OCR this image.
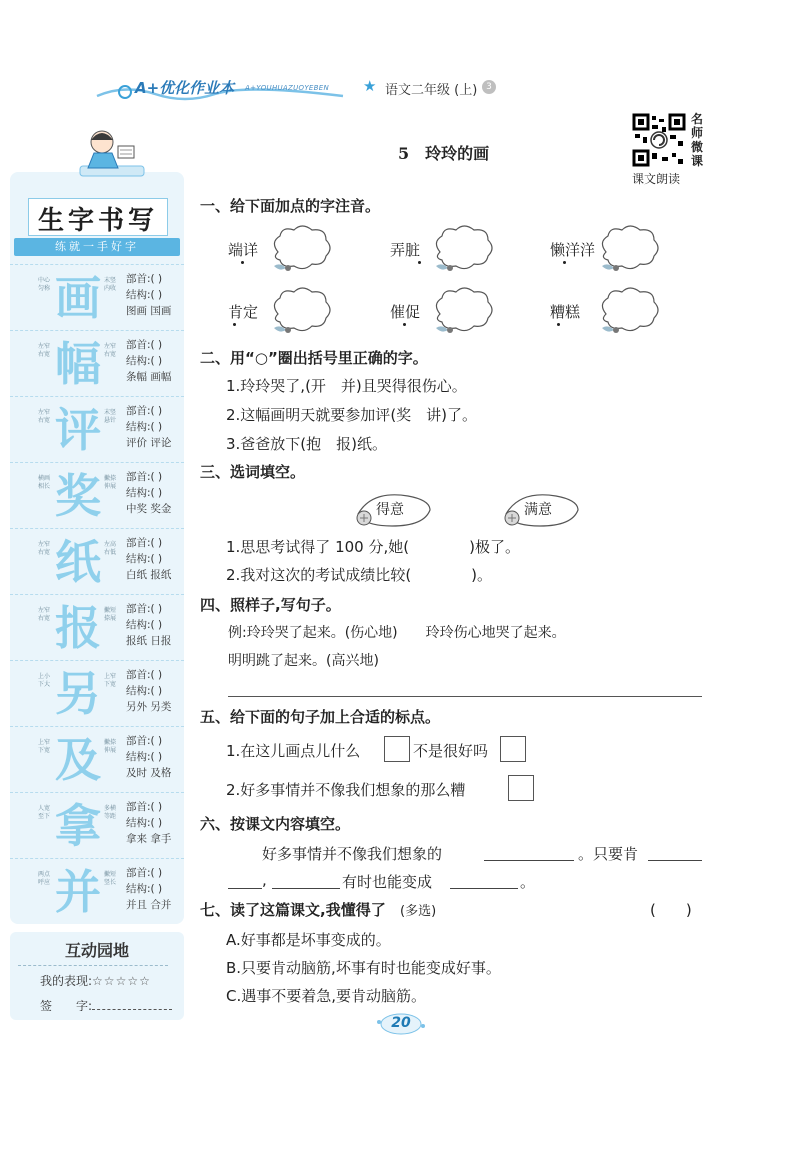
A+优化作业本 A+YOUHUAZUOYEBEN ★ 语文二年级 (上) 3
名
师
微
课
课文朗读
生字书写
练就一手好字
中心匀称 画 末竖内收
部首:( )
结构:( )
图画 国画
左窄右宽 幅 左窄右宽
部首:( )
结构:( )
条幅 画幅
左窄右宽 评 末竖悬针
部首:( )
结构:( )
评价 评论
横画相长 奖 撇捺伸展
部首:( )
结构:( )
中奖 奖金
左窄右宽 纸 左高右低
部首:( )
结构:( )
白纸 报纸
左窄右宽 报 撇短捺展
部首:( )
结构:( )
报纸 日报
上小下大 另 上窄下宽
部首:( )
结构:( )
另外 另类
上窄下宽 及 撇捺伸展
部首:( )
结构:( )
及时 及格
人宽至下 拿 多横等距
部首:( )
结构:( )
拿来 拿手
两点呼应 并 撇短竖长
部首:( )
结构:( )
并且 合并
互动园地
我的表现:☆☆☆☆☆
签　　字:
5　玲玲的画
一、给下面加点的字注音。
端详	弄脏	懒洋洋
肯定	催促	糟糕
二、用“○”圈出括号里正确的字。
1.玲玲哭了,(开　并)且哭得很伤心。
2.这幅画明天就要参加评(奖　讲)了。
3.爸爸放下(抱　报)纸。
三、选词填空。
得意	满意
1.思思考试得了 100 分,她(　　　　)极了。
2.我对这次的考试成绩比较(　　　　)。
四、照样子,写句子。
例:玲玲哭了起来。(伤心地)　　玲玲伤心地哭了起来。
明明跳了起来。(高兴地)
五、给下面的句子加上合适的标点。
1.在这儿画点儿什么	不是很好吗
2.好多事情并不像我们想象的那么糟
六、按课文内容填空。
好多事情并不像我们想象的	。只要肯
,	有时也能变成	。
七、读了这篇课文,我懂得了 (多选)	(　　)
A.好事都是坏事变成的。
B.只要肯动脑筋,坏事有时也能变成好事。
C.遇事不要着急,要肯动脑筋。
20
